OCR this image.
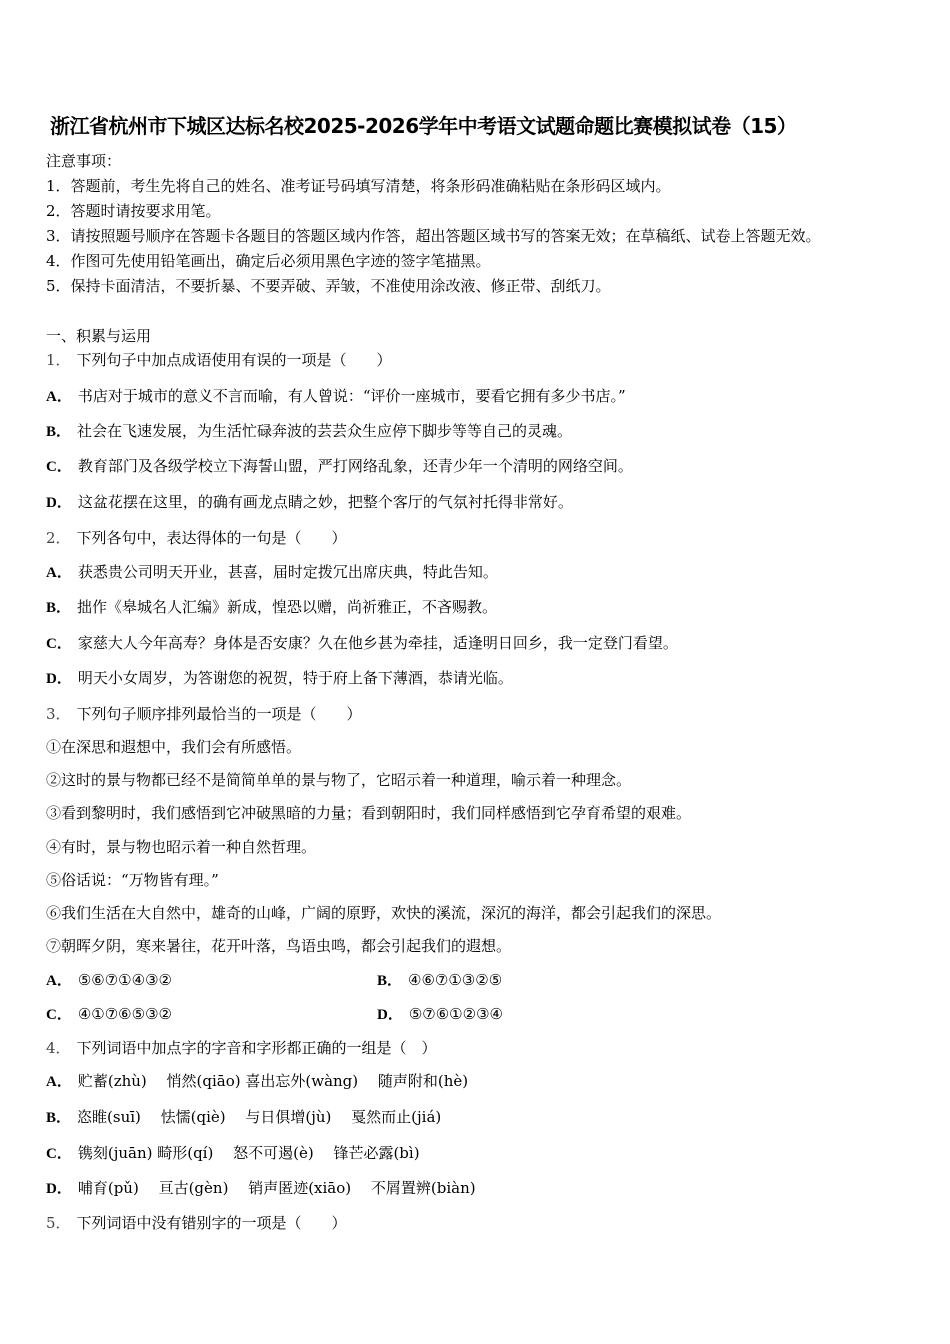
浙江省杭州市下城区达标名校2025-2026学年中考语文试题命题比赛模拟试卷（15）
注意事项：
1．答题前，考生先将自己的姓名、准考证号码填写清楚，将条形码准确粘贴在条形码区域内。
2．答题时请按要求用笔。
3．请按照题号顺序在答题卡各题目的答题区域内作答，超出答题区域书写的答案无效；在草稿纸、试卷上答题无效。
4．作图可先使用铅笔画出，确定后必须用黑色字迹的签字笔描黑。
5．保持卡面清洁，不要折暴、不要弄破、弄皱，不准使用涂改液、修正带、刮纸刀。
一、积累与运用
1． 下列句子中加点成语使用有误的一项是（　　）
A． 书店对于城市的意义不言而喻，有人曾说：“评价一座城市，要看它拥有多少书店。”
B． 社会在飞速发展，为生活忙碌奔波的芸芸众生应停下脚步等等自己的灵魂。
C． 教育部门及各级学校立下海誓山盟，严打网络乱象，还青少年一个清明的网络空间。
D． 这盆花摆在这里，的确有画龙点睛之妙，把整个客厅的气氛衬托得非常好。
2． 下列各句中，表达得体的一句是（　　）
A． 获悉贵公司明天开业，甚喜，届时定拨冗出席庆典，特此告知。
B． 拙作《皋城名人汇编》新成，惶恐以赠，尚祈雅正，不吝赐教。
C． 家慈大人今年高寿？身体是否安康？久在他乡甚为牵挂，适逢明日回乡，我一定登门看望。
D． 明天小女周岁，为答谢您的祝贺，特于府上备下薄酒，恭请光临。
3． 下列句子顺序排列最恰当的一项是（　　）
①在深思和遐想中，我们会有所感悟。
②这时的景与物都已经不是简简单单的景与物了，它昭示着一种道理，喻示着一种理念。
③看到黎明时，我们感悟到它冲破黑暗的力量；看到朝阳时，我们同样感悟到它孕育希望的艰难。
④有时，景与物也昭示着一种自然哲理。
⑤俗话说：“万物皆有理。”
⑥我们生活在大自然中，雄奇的山峰，广阔的原野，欢快的溪流，深沉的海洋，都会引起我们的深思。
⑦朝晖夕阴，寒来暑往，花开叶落，鸟语虫鸣，都会引起我们的遐想。
A． ⑤⑥⑦①④③②	B． ④⑥⑦①③②⑤
C． ④①⑦⑥⑤③②	D． ⑤⑦⑥①②③④
4． 下列词语中加点字的字音和字形都正确的一组是（　）
A． 贮蓄(zhù)　 悄然(qiāo) 喜出忘外(wàng)　 随声附和(hè)
B． 恣睢(suī)　 怯懦(qiè)　 与日俱增(jù)　 戛然而止(jiá)
C． 镌刻(juān) 畸形(qí)　 怒不可遏(è)　 锋芒必露(bì)
D． 哺育(pǔ)　 亘古(gèn)　 销声匿迹(xiāo)　 不屑置辨(biàn)
5． 下列词语中没有错别字的一项是（　　）
